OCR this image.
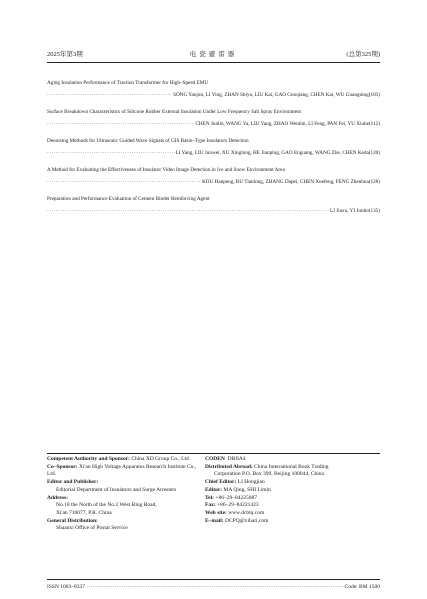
2025年第3期	电瓷避雷器	(总第325期)
Aging Insulation Performance of Traction Transformer for High–Speed EMU
·····
SONG Yanjun, LI Ying, ZHAN Shiyu, LIU Kai, GAO Guoqiang, CHEN Kai, WU Guangning(103)
Surface Breakdown Characteristics of Silicone Rubber External Insulation Under Low Frequency Salt Spray Environment
·····
CHEN Junlin, WANG Ya, LIU Yang, ZHAO Wenbin, LI Feng, PAN Fei, YU Xiuhe(112)
Denoising Methods for Ultrasonic Guided Wave Signals of GIS Basin–Type Insulators Detection
·····
LI Yang, LIU Junwei, XU Xinglong, HE Jianping, GAO Enguang, WANG Zhe, CHEN Keda(120)
A Method for Evaluating the Effectiveness of Insulator Video Image Detection in Ice and Snow Environment Area
·····
KOU Hanpeng, BU Tianlong, ZHANG Dapei, CHEN Xuefeng, FENG Zhenhua(128)
Preparation and Performance Evaluation of Cement Binder Reinforcing Agent
·····
LI Jiaxu, YI Junbo(135)
Competent Authority and Sponsor: China XD Group Co., Ltd.
Co–Sponsor: Xi'an High Voltage Apparatus Research Institute Co., Ltd.
Editor and Publisher:
Editorial Department of Insulators and Surge Arresters
Address:
No.18 the North of the No.2 West Ring Road,
Xi'an 710077, P.R. China
General Distribution:
Shaanxi Office of Postal Service
CODEN DBIIA4
Distributed Abroad: China International Book Trading
Corporation P.O. Box 399, Beijing 100044, China
Chief Editor: LI Hongjian
Editor: MA Qing, SHI Limin
Tel: +86–29–84225087
Fax: +86–29–84221423
Web site: www.dcblq.com
E–mail: DCPQ@xihari.com
ISSN 1003–8337
·····	Code: BM 1500
